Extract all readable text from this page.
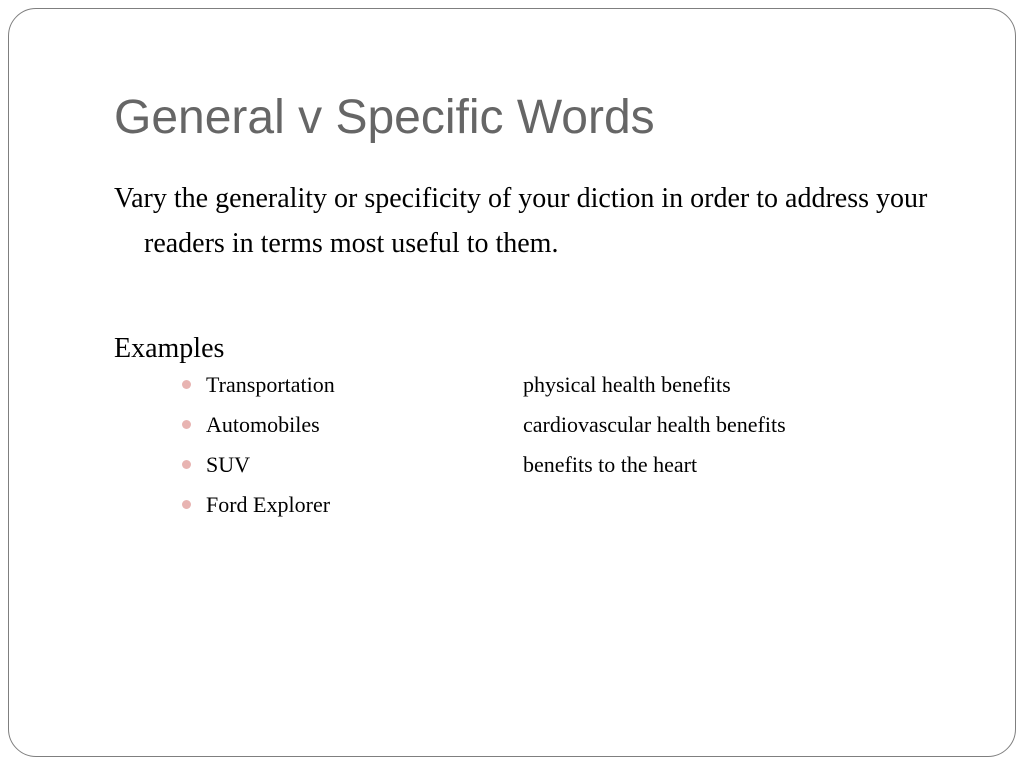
General v Specific Words

Vary the generality or specificity of your diction in order to address your readers in terms most useful to them.

Examples

Transportation
Automobiles
SUV
Ford Explorer
physical health benefits
cardiovascular health benefits
benefits to the heart
